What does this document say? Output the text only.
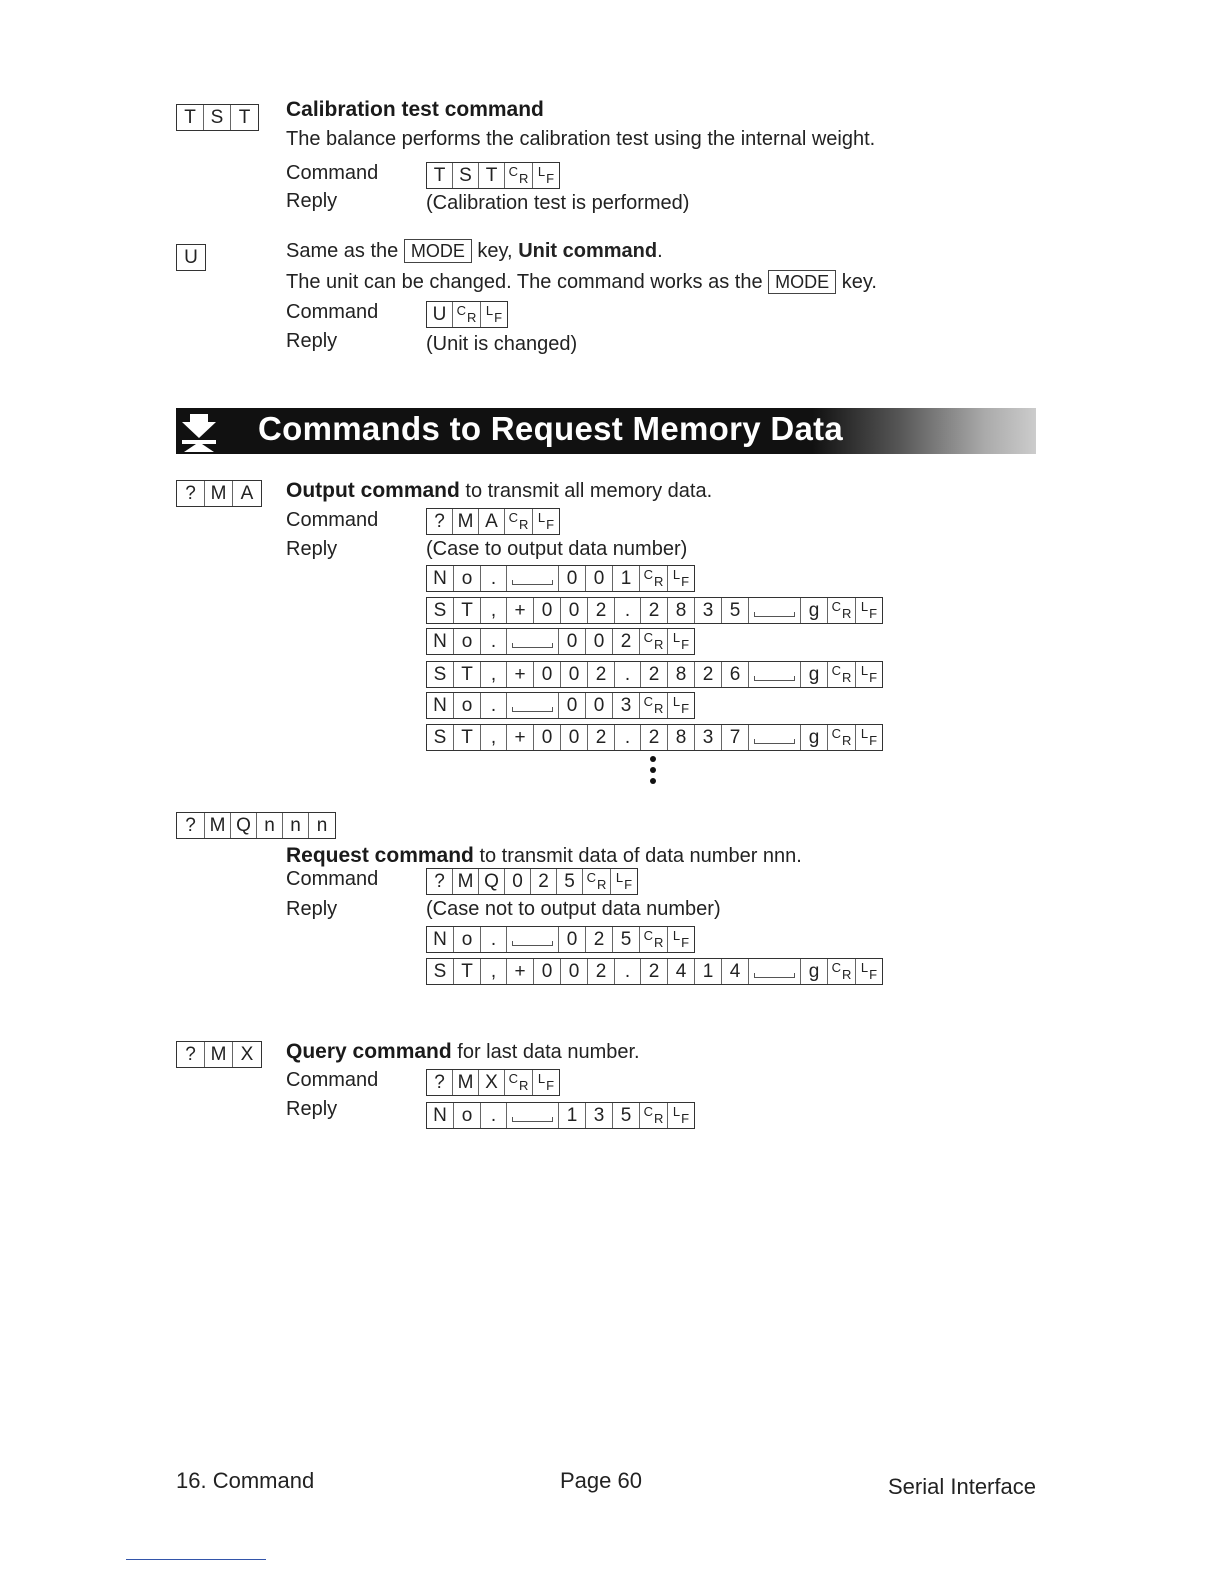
T S T	Calibration test command
The balance performs the calibration test using the internal weight.
Command	T S T C R L F
Reply	(Calibration test is performed)
U	Same as the MODE key, Unit command.
The unit can be changed. The command works as the MODE key.
Command	U C R L F
Reply	(Unit is changed)
Commands to Request Memory Data
? M A	Output command to transmit all memory data.
Command	? M A C R L F
Reply	(Case to output data number)
N o .	0 0 1 C R L F
S T , + 0 0 2 . 2 8 3 5	g C R L F
N o .	0 0 2 C R L F
S T , + 0 0 2 . 2 8 2 6	g C R L F
N o .	0 0 3 C R L F
S T , + 0 0 2 . 2 8 3 7	g C R L F
? M Q n n n
Request command to transmit data of data number nnn.
Command	? M Q 0 2 5 C R L F
Reply	(Case not to output data number)
N o .	0 2 5 C R L F
S T , + 0 0 2 . 2 4 1 4	g C R L F
? M X	Query command for last data number.
Command	? M X C R L F
Reply	N o .	1 3 5 C R L F
16. Command	Page 60	Serial Interface
